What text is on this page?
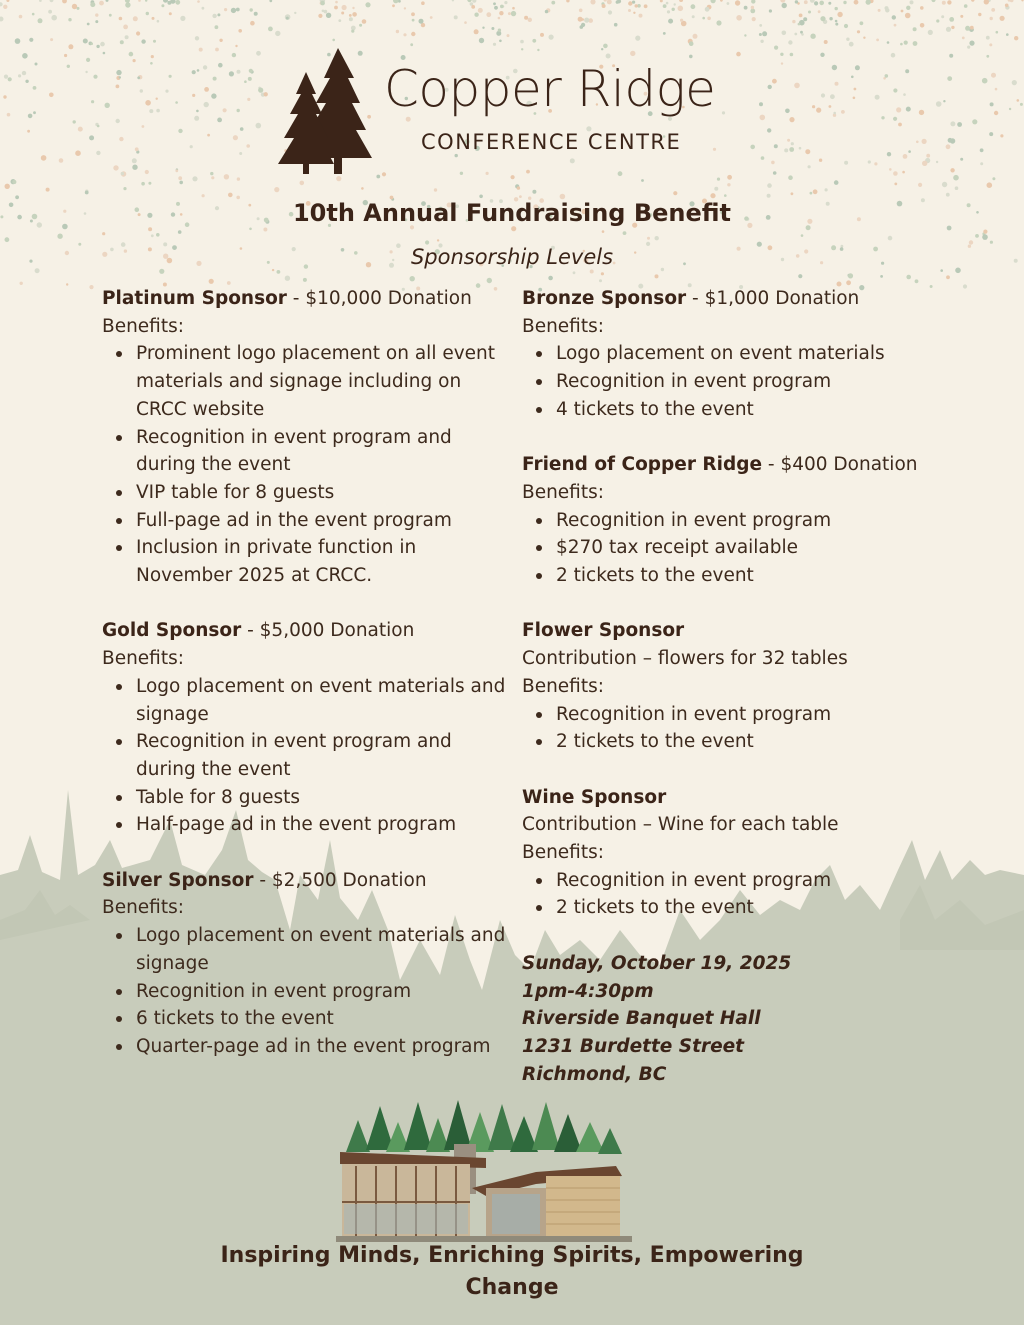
Copper Ridge
CONFERENCE CENTRE
10th Annual Fundraising Benefit
Sponsorship Levels
Platinum Sponsor - $10,000 Donation
Benefits:
Prominent logo placement on all event materials and signage including on CRCC website
Recognition in event program and during the event
VIP table for 8 guests
Full-page ad in the event program
Inclusion in private function in November 2025 at CRCC.
Gold Sponsor - $5,000 Donation
Benefits:
Logo placement on event materials and signage
Recognition in event program and during the event
Table for 8 guests
Half-page ad in the event program
Silver Sponsor - $2,500 Donation
Benefits:
Logo placement on event materials and signage
Recognition in event program
6 tickets to the event
Quarter-page ad in the event program
Bronze Sponsor - $1,000 Donation
Benefits:
Logo placement on event materials
Recognition in event program
4 tickets to the event
Friend of Copper Ridge - $400 Donation
Benefits:
Recognition in event program
$270 tax receipt available
2 tickets to the event
Flower Sponsor
Contribution – flowers for 32 tables
Benefits:
Recognition in event program
2 tickets to the event
Wine Sponsor
Contribution – Wine for each table
Benefits:
Recognition in event program
2 tickets to the event
Sunday, October 19, 2025
1pm-4:30pm
Riverside Banquet Hall
1231 Burdette Street
Richmond, BC
Inspiring Minds, Enriching Spirits, Empowering Change
